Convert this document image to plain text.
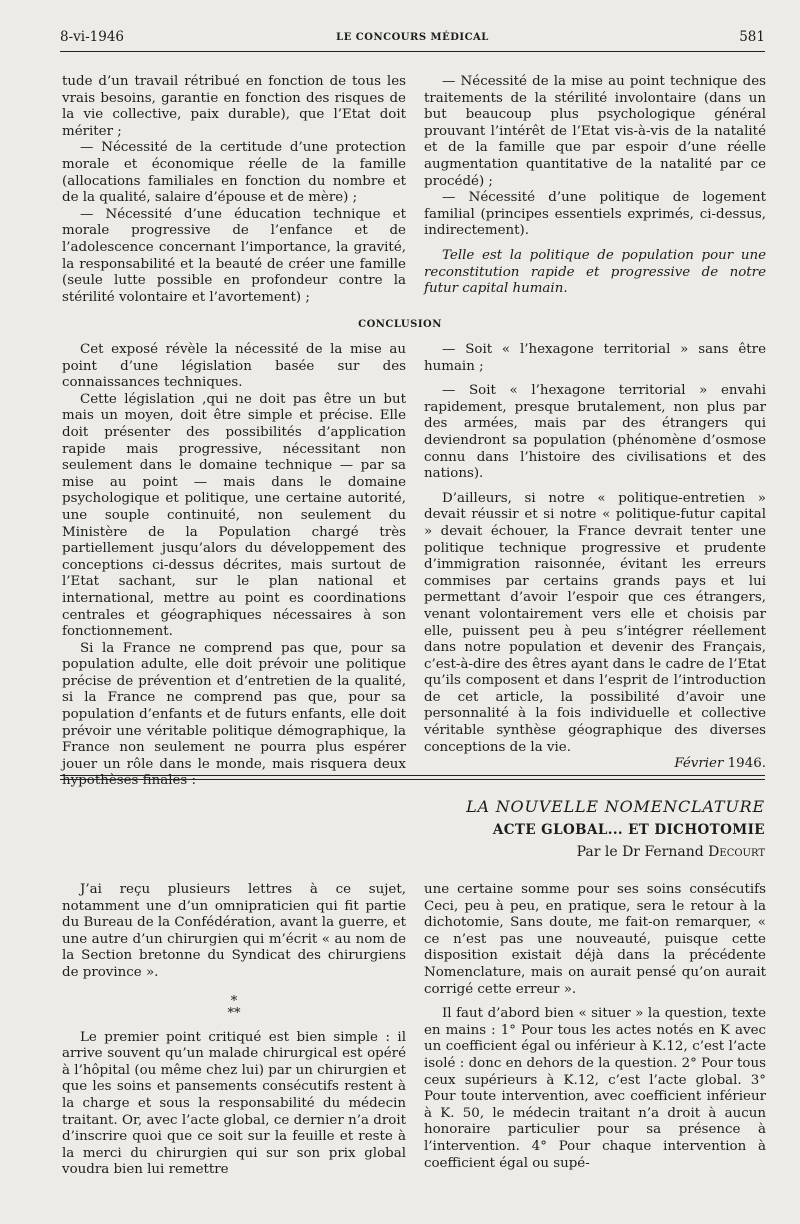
8-vi-1946	LE CONCOURS MÉDICAL	581

tude d’un travail rétribué en fonction de tous les vrais besoins, garantie en fonction des risques de la vie collective, paix durable), que l’Etat doit mériter ;

— Nécessité de la certitude d’une protection morale et économique réelle de la famille (allocations familiales en fonction du nombre et de la qualité, salaire d’épouse et de mère) ;

— Nécessité d’une éducation technique et morale progressive de l’enfance et de l’adolescence concernant l’importance, la gravité, la responsabilité et la beauté de créer une famille (seule lutte possible en profondeur contre la stérilité volontaire et l’avortement) ;

— Nécessité de la mise au point technique des traitements de la stérilité involontaire (dans un but beaucoup plus psychologique général prouvant l’intérêt de l’Etat vis-à-vis de la natalité et de la famille que par espoir d’une réelle augmentation quantitative de la natalité par ce procédé) ;

— Nécessité d’une politique de logement familial (principes essentiels exprimés, ci-dessus, indirectement).

Telle est la politique de population pour une reconstitution rapide et progressive de notre futur capital humain.

CONCLUSION

Cet exposé révèle la nécessité de la mise au point d’une législation basée sur des connaissances techniques.

Cette législation ,qui ne doit pas être un but mais un moyen, doit être simple et précise. Elle doit présenter des possibilités d’application rapide mais progressive, nécessitant non seulement dans le domaine technique — par sa mise au point — mais dans le domaine psychologique et politique, une certaine autorité, une souple continuité, non seulement du Ministère de la Population chargé très partiellement jusqu’alors du développement des conceptions ci-dessus décrites, mais surtout de l’Etat sachant, sur le plan national et international, mettre au point es coordinations centrales et géographiques nécessaires à son fonctionnement.

Si la France ne comprend pas que, pour sa population adulte, elle doit prévoir une politique précise de prévention et d’entretien de la qualité, si la France ne comprend pas que, pour sa population d’enfants et de futurs enfants, elle doit prévoir une véritable politique démographique, la France non seulement ne pourra plus espérer jouer un rôle dans le monde, mais risquera deux hypothèses finales :

— Soit « l’hexagone territorial » sans être humain ;

— Soit « l’hexagone territorial » envahi rapidement, presque brutalement, non plus par des armées, mais par des étrangers qui deviendront sa population (phénomène d’osmose connu dans l’histoire des civilisations et des nations).

D’ailleurs, si notre « politique-entretien » devait réussir et si notre « politique-futur capital » devait échouer, la France devrait tenter une politique technique progressive et prudente d’immigration raisonnée, évitant les erreurs commises par certains grands pays et lui permettant d’avoir l’espoir que ces étrangers, venant volontairement vers elle et choisis par elle, puissent peu à peu s’intégrer réellement dans notre population et devenir des Français, c’est-à-dire des êtres ayant dans le cadre de l’Etat qu’ils composent et dans l’esprit de l’introduction de cet article, la possibilité d’avoir une personnalité à la fois individuelle et collective véritable synthèse géographique des diverses conceptions de la vie.

Février 1946.

LA NOUVELLE NOMENCLATURE
ACTE GLOBAL... ET DICHOTOMIE
Par le Dr Fernand Decourt

J’ai reçu plusieurs lettres à ce sujet, notamment une d’un omnipraticien qui fit partie du Bureau de la Confédération, avant la guerre, et une autre d’un chirurgien qui m’écrit « au nom de la Section bretonne du Syndicat des chirurgiens de province ».

*
**

Le premier point critiqué est bien simple : il arrive souvent qu’un malade chirurgical est opéré à l’hôpital (ou même chez lui) par un chirurgien et que les soins et pansements consécutifs restent à la charge et sous la responsabilité du médecin traitant. Or, avec l’acte global, ce dernier n’a droit d’inscrire quoi que ce soit sur la feuille et reste à la merci du chirurgien qui sur son prix global voudra bien lui remettre

une certaine somme pour ses soins consécutifs Ceci, peu à peu, en pratique, sera le retour à la dichotomie, Sans doute, me fait-on remarquer, « ce n’est pas une nouveauté, puisque cette disposition existait déjà dans la précédente Nomenclature, mais on aurait pensé qu’on aurait corrigé cette erreur ».

Il faut d’abord bien « situer » la question, texte en mains : 1° Pour tous les actes notés en K avec un coefficient égal ou inférieur à K.12, c’est l’acte isolé : donc en dehors de la question. 2° Pour tous ceux supérieurs à K.12, c’est l’acte global. 3° Pour toute intervention, avec coefficient inférieur à K. 50, le médecin traitant n’a droit à aucun honoraire particulier pour sa présence à l’intervention. 4° Pour chaque intervention à coefficient égal ou supé-
